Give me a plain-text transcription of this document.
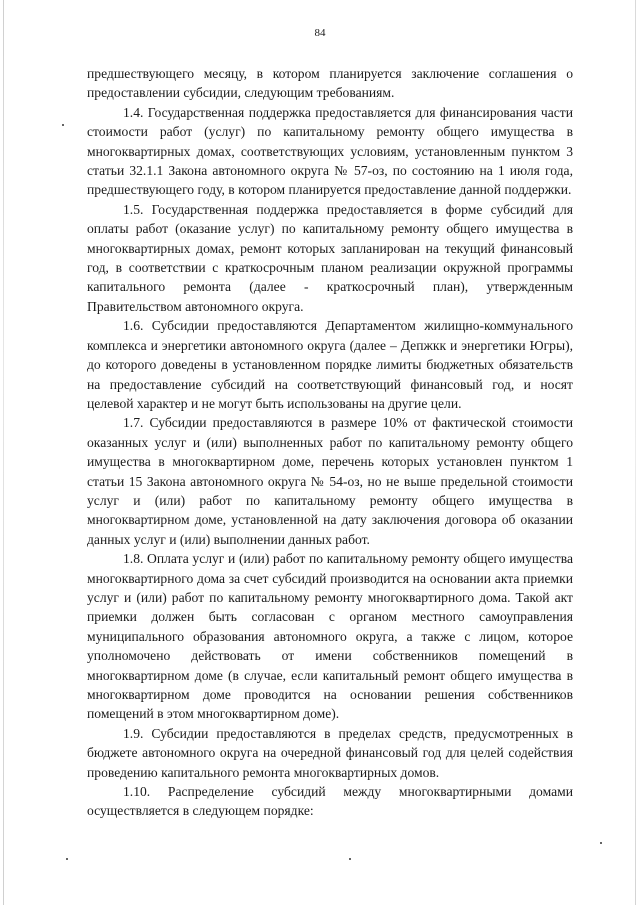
84

предшествующего месяцу, в котором планируется заключение соглашения о предоставлении субсидии, следующим требованиям.

1.4. Государственная поддержка предоставляется для финансирования части стоимости работ (услуг) по капитальному ремонту общего имущества в многоквартирных домах, соответствующих условиям, установленным пунктом 3 статьи 32.1.1 Закона автономного округа № 57-оз, по состоянию на 1 июля года, предшествующего году, в котором планируется предоставление данной поддержки.

1.5. Государственная поддержка предоставляется в форме субсидий для оплаты работ (оказание услуг) по капитальному ремонту общего имущества в многоквартирных домах, ремонт которых запланирован на текущий финансовый год, в соответствии с краткосрочным планом реализации окружной программы капитального ремонта (далее - краткосрочный план), утвержденным Правительством автономного округа.

1.6. Субсидии предоставляются Департаментом жилищно-коммунального комплекса и энергетики автономного округа (далее – Депжкк и энергетики Югры), до которого доведены в установленном порядке лимиты бюджетных обязательств на предоставление субсидий на соответствующий финансовый год, и носят целевой характер и не могут быть использованы на другие цели.

1.7. Субсидии предоставляются в размере 10% от фактической стоимости оказанных услуг и (или) выполненных работ по капитальному ремонту общего имущества в многоквартирном доме, перечень которых установлен пунктом 1 статьи 15 Закона автономного округа № 54-оз, но не выше предельной стоимости услуг и (или) работ по капитальному ремонту общего имущества в многоквартирном доме, установленной на дату заключения договора об оказании данных услуг и (или) выполнении данных работ.

1.8. Оплата услуг и (или) работ по капитальному ремонту общего имущества многоквартирного дома за счет субсидий производится на основании акта приемки услуг и (или) работ по капитальному ремонту многоквартирного дома. Такой акт приемки должен быть согласован с органом местного самоуправления муниципального образования автономного округа, а также с лицом, которое уполномочено действовать от имени собственников помещений в многоквартирном доме (в случае, если капитальный ремонт общего имущества в многоквартирном доме проводится на основании решения собственников помещений в этом многоквартирном доме).

1.9. Субсидии предоставляются в пределах средств, предусмотренных в бюджете автономного округа на очередной финансовый год для целей содействия проведению капитального ремонта многоквартирных домов.

1.10. Распределение субсидий между многоквартирными домами осуществляется в следующем порядке:
